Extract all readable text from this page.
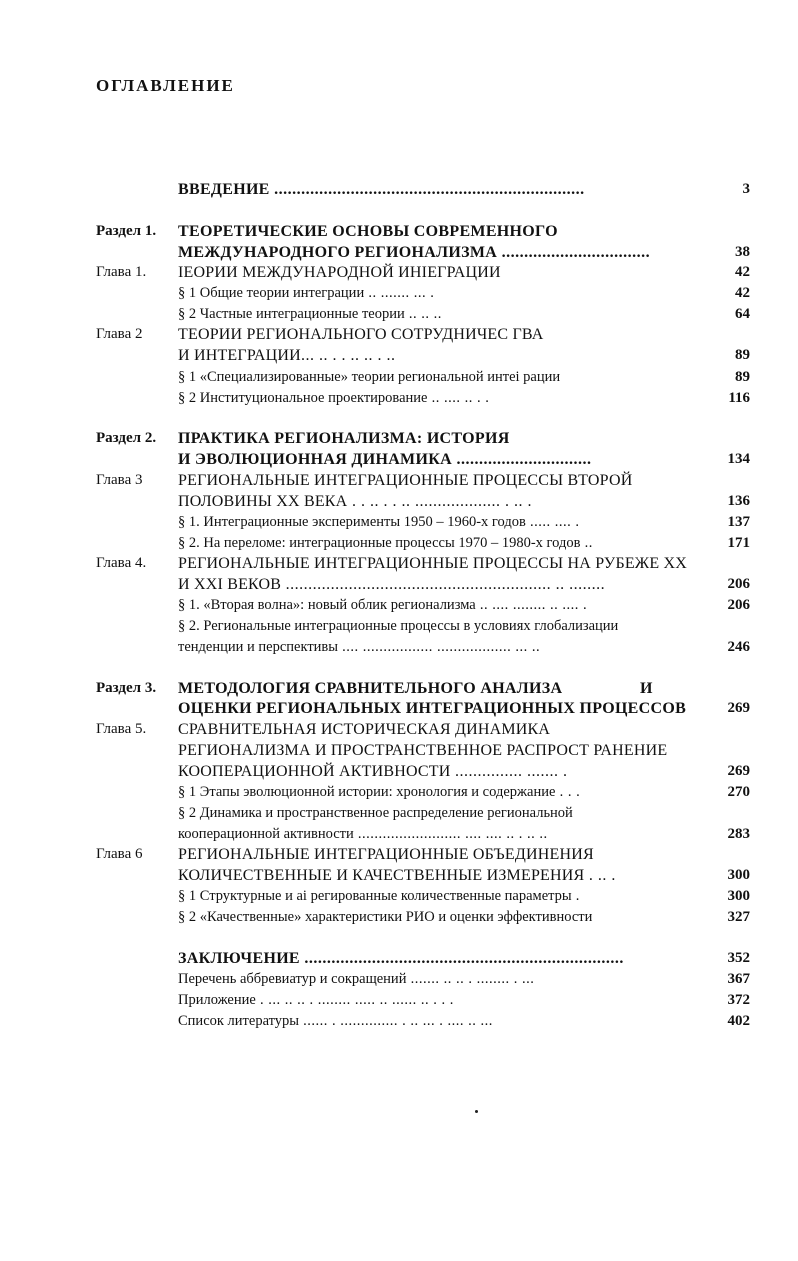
ОГЛАВЛЕНИЕ
ВВЕДЕНИЕ .....................................................................	3
Раздел 1. ТЕОРЕТИЧЕСКИЕ ОСНОВЫ СОВРЕМЕННОГО
МЕЖДУНАРОДНОГО РЕГИОНАЛИЗМА .................................	38
Глава 1. ІЕОРИИ МЕЖДУНАРОДНОЙ ИНІЕГРАЦИИ	42
§ 1 Общие теории интеграции .. ....... ... .	42
§ 2 Частные интеграционные теории .. .. ..	64
Глава 2 ТЕОРИИ РЕГИОНАЛЬНОГО СОТРУДНИЧЕС ГВА
И ИНТЕГРАЦИИ... .. . . .. .. . ..	89
§ 1 «Специализированные» теории региональной интеі рации	89
§ 2 Институциональное проектирование .. .... .. . .	116
Раздел 2. ПРАКТИКА РЕГИОНАЛИЗМА: ИСТОРИЯ
И ЭВОЛЮЦИОННАЯ ДИНАМИКА ..............................	134
Глава 3 РЕГИОНАЛЬНЫЕ ИНТЕГРАЦИОННЫЕ ПРОЦЕССЫ ВТОРОЙ
ПОЛОВИНЫ XX ВЕКА . . .. . . .. ................... . .. .	136
§ 1. Интеграционные эксперименты 1950 – 1960-х годов ..... .... .	137
§ 2. На переломе: интеграционные процессы 1970 – 1980-х годов ..	171
Глава 4. РЕГИОНАЛЬНЫЕ ИНТЕГРАЦИОННЫЕ ПРОЦЕССЫ НА РУБЕЖЕ XX
И XXI ВЕКОВ ........................................................... .. ........	206
§ 1. «Вторая волна»: новый облик регионализма .. .... ........ .. .... .	206
§ 2. Региональные интеграционные процессы в условиях глобализации
тенденции и перспективы .... ................. .................. ... ..	246
Раздел 3. МЕТОДОЛОГИЯ СРАВНИТЕЛЬНОГО АНАЛИЗА	И
ОЦЕНКИ РЕГИОНАЛЬНЫХ ИНТЕГРАЦИОННЫХ ПРОЦЕССОВ	269
Глава 5. СРАВНИТЕЛЬНАЯ ИСТОРИЧЕСКАЯ ДИНАМИКА
РЕГИОНАЛИЗМА И ПРОСТРАНСТВЕННОЕ РАСПРОСТ РАНЕНИЕ
КООПЕРАЦИОННОЙ АКТИВНОСТИ ............... ....... .	269
§ 1 Этапы эволюционной истории: хронология и содержание . . .	270
§ 2 Динамика и пространственное распределение региональной
кооперационной активности ......................... .... .... .. . .. ..	283
Глава 6 РЕГИОНАЛЬНЫЕ ИНТЕГРАЦИОННЫЕ ОБЪЕДИНЕНИЯ
КОЛИЧЕСТВЕННЫЕ И КАЧЕСТВЕННЫЕ ИЗМЕРЕНИЯ . .. .	300
§ 1 Структурные и аі регированные количественные параметры .	300
§ 2 «Качественные» характеристики РИО и оценки эффективности	327
ЗАКЛЮЧЕНИЕ .......................................................................	352
Перечень аббревиатур и сокращений ....... .. .. . ........ . ...	367
Приложение . ... .. .. . ........ ..... .. ...... .. . . .	372
Список литературы ...... . .............. . .. ... . .... .. ...	402
